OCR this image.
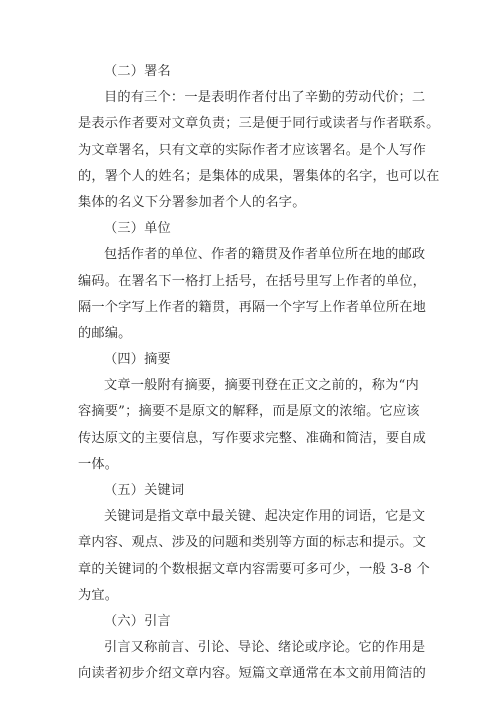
（二）署名
目的有三个：一是表明作者付出了辛勤的劳动代价；二
是表示作者要对文章负责；三是便于同行或读者与作者联系。
为文章署名，只有文章的实际作者才应该署名。是个人写作
的，署个人的姓名；是集体的成果，署集体的名字，也可以在
集体的名义下分署参加者个人的名字。
（三）单位
包括作者的单位、作者的籍贯及作者单位所在地的邮政
编码。在署名下一格打上括号，在括号里写上作者的单位，
隔一个字写上作者的籍贯，再隔一个字写上作者单位所在地
的邮编。
（四）摘要
文章一般附有摘要，摘要刊登在正文之前的，称为“内
容摘要”；摘要不是原文的解释，而是原文的浓缩。它应该
传达原文的主要信息，写作要求完整、准确和简洁，要自成
一体。
（五）关键词
关键词是指文章中最关键、起决定作用的词语，它是文
章内容、观点、涉及的问题和类别等方面的标志和提示。文
章的关键词的个数根据文章内容需要可多可少，一般 3-8 个
为宜。
（六）引言
引言又称前言、引论、导论、绪论或序论。它的作用是
向读者初步介绍文章内容。短篇文章通常在本文前用简洁的
